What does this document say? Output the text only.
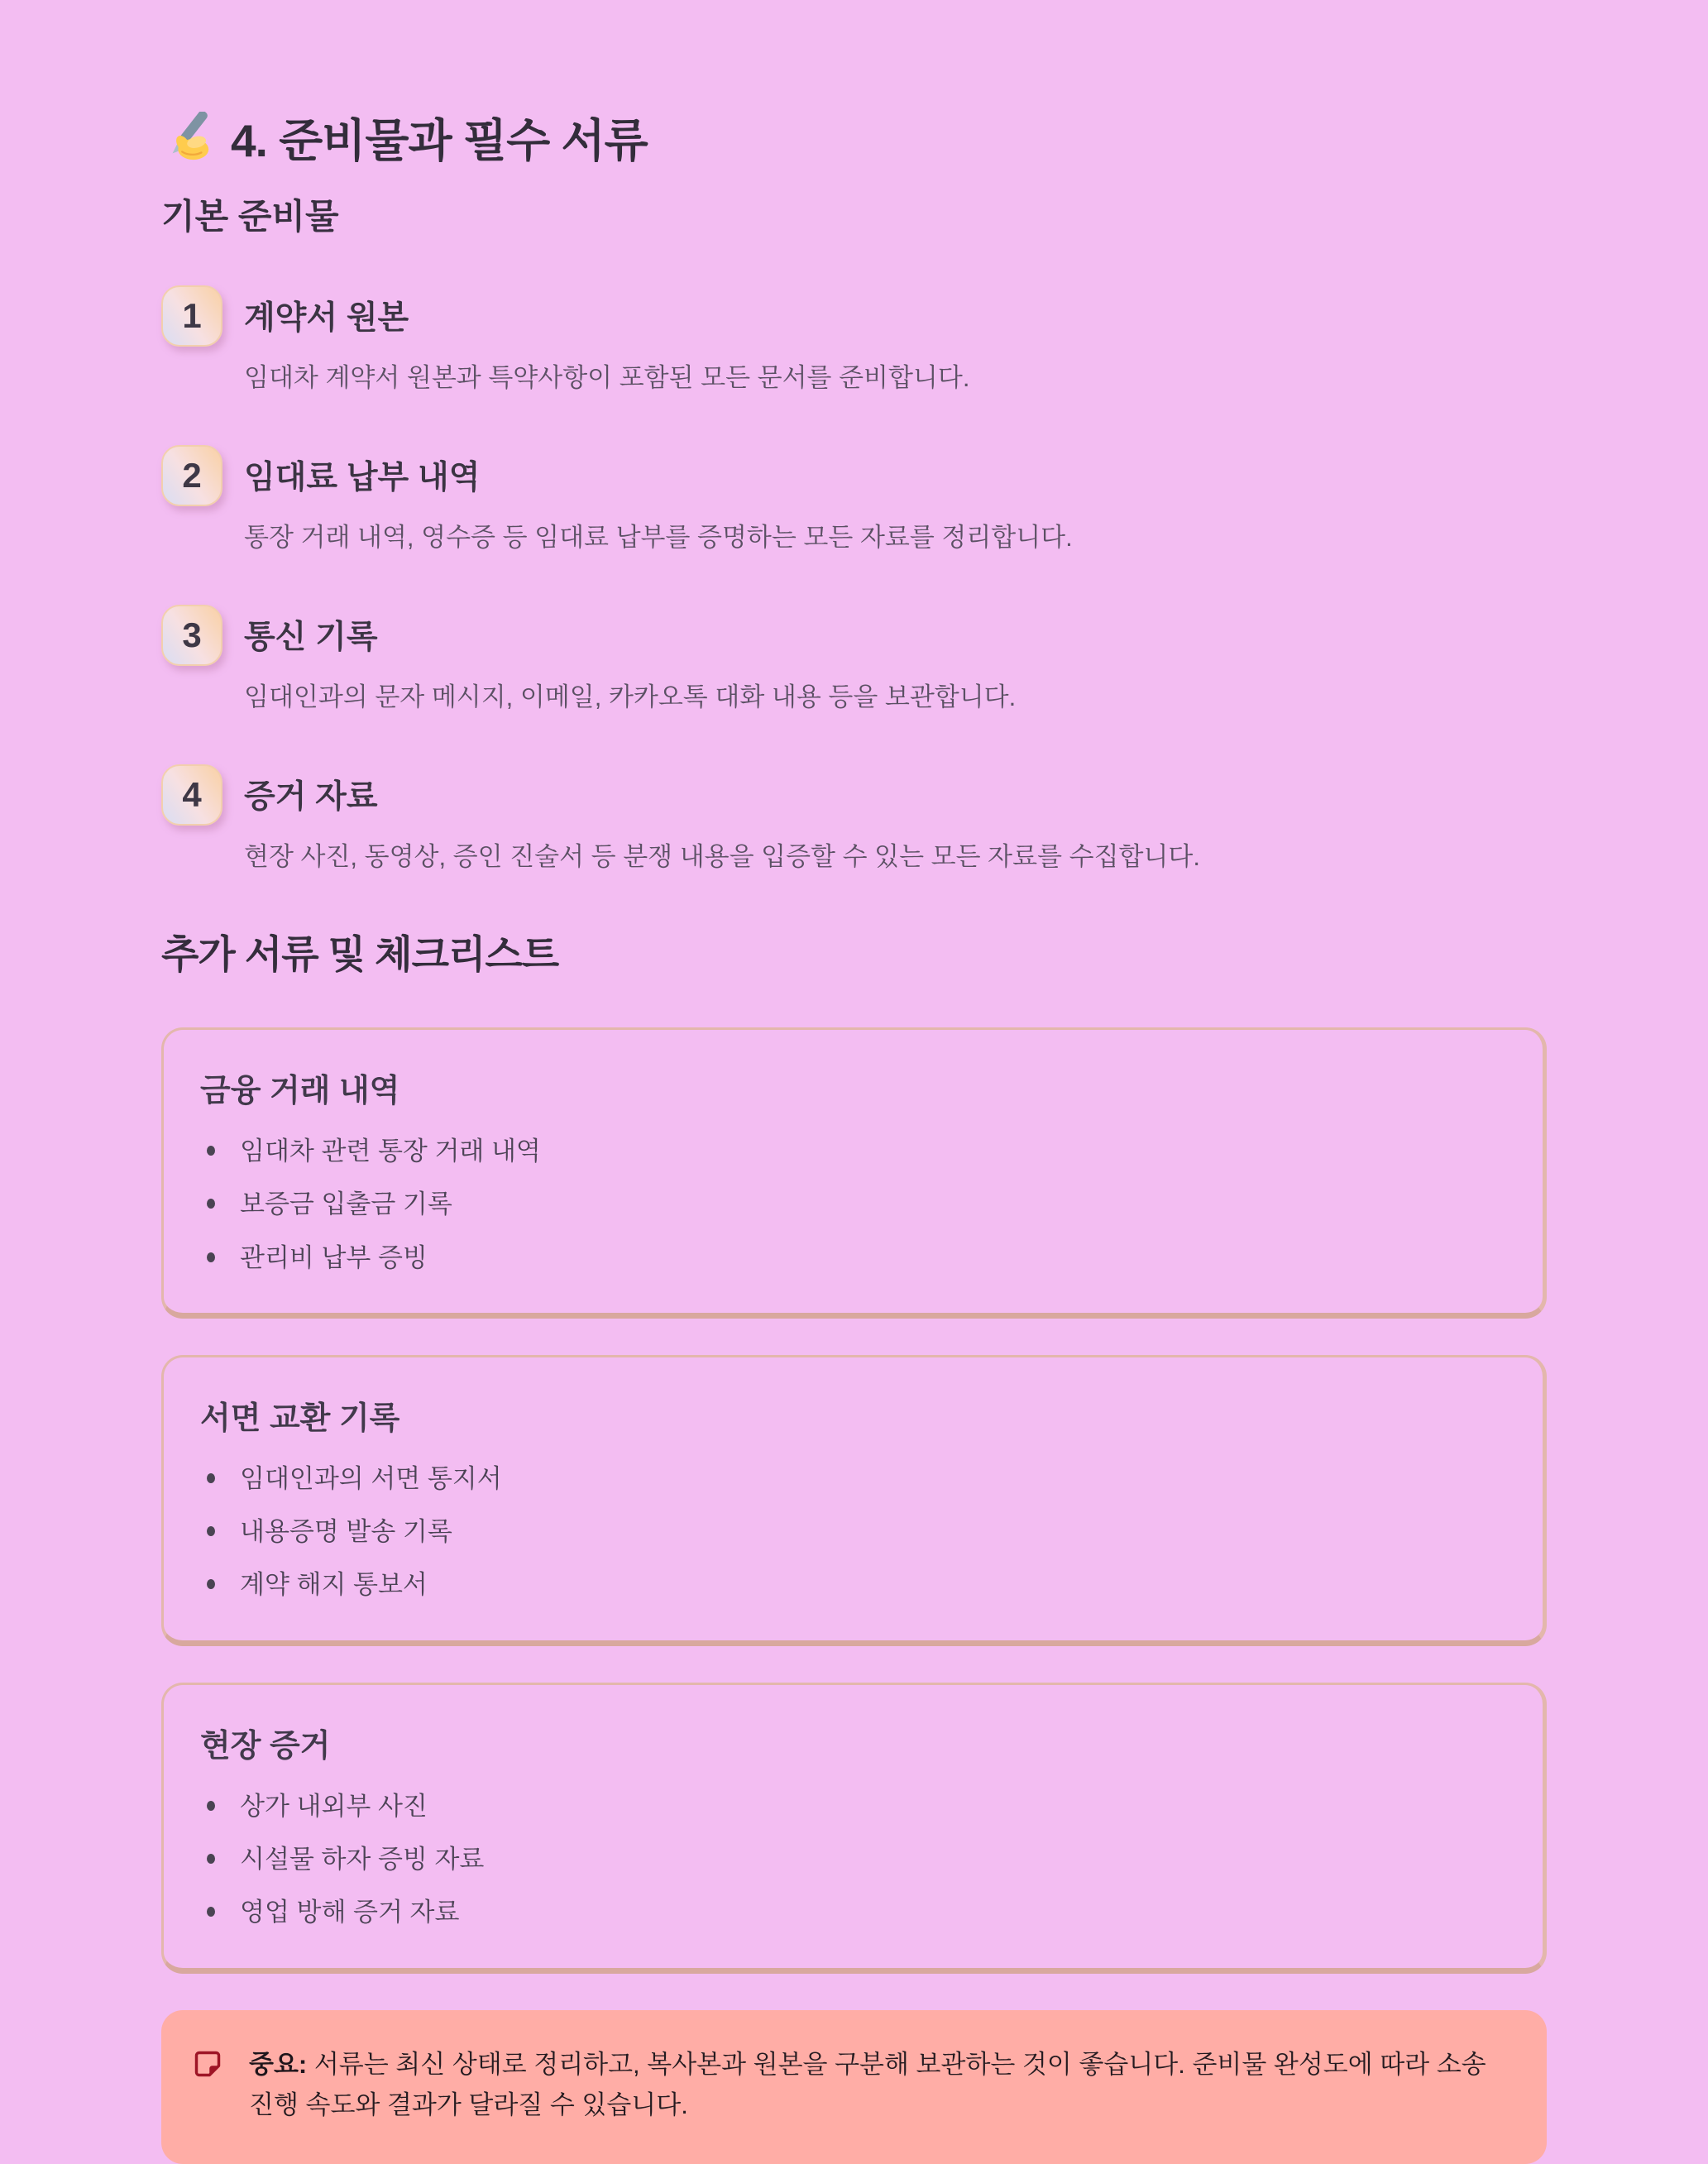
4. 준비물과 필수 서류
기본 준비물
1	계약서 원본
임대차 계약서 원본과 특약사항이 포함된 모든 문서를 준비합니다.
2	임대료 납부 내역
통장 거래 내역, 영수증 등 임대료 납부를 증명하는 모든 자료를 정리합니다.
3	통신 기록
임대인과의 문자 메시지, 이메일, 카카오톡 대화 내용 등을 보관합니다.
4	증거 자료
현장 사진, 동영상, 증인 진술서 등 분쟁 내용을 입증할 수 있는 모든 자료를 수집합니다.
추가 서류 및 체크리스트
금융 거래 내역
임대차 관련 통장 거래 내역
보증금 입출금 기록
관리비 납부 증빙
서면 교환 기록
임대인과의 서면 통지서
내용증명 발송 기록
계약 해지 통보서
현장 증거
상가 내외부 사진
시설물 하자 증빙 자료
영업 방해 증거 자료
중요: 서류는 최신 상태로 정리하고, 복사본과 원본을 구분해 보관하는 것이 좋습니다. 준비물 완성도에 따라 소송 진행 속도와 결과가 달라질 수 있습니다.
